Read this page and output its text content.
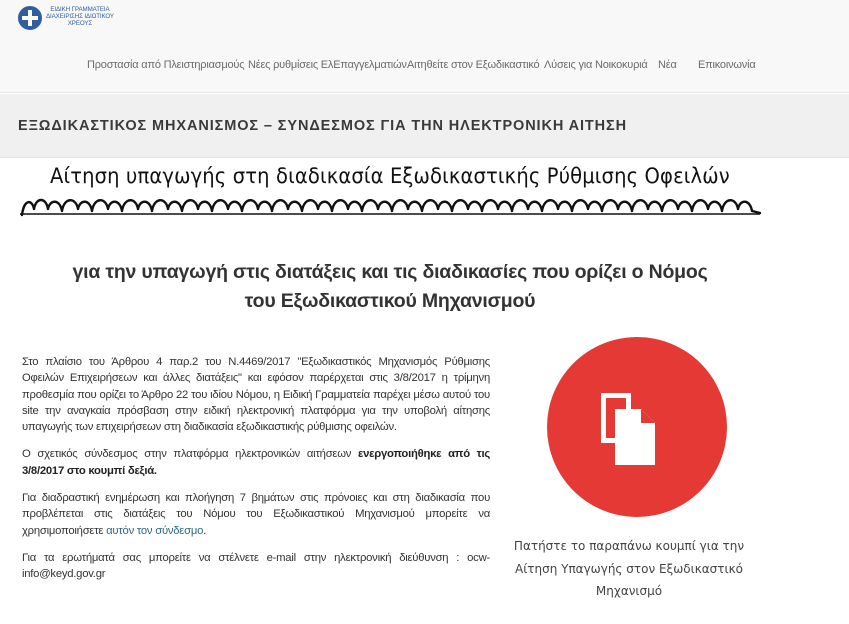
ΕΙΔΙΚΗ ΓΡΑΜΜΑΤΕΙΑ
ΔΙΑΧΕΙΡΙΣΗΣ ΙΔΙΩΤΙΚΟΥ
ΧΡΕΟΥΣ
Προστασία από Πλειστηριασμούς Νέες ρυθμίσεις ΕλΕπαγγελματιών Αιτηθείτε στον Εξωδικαστικό Λύσεις για Νοικοκυριά Νέα Επικοινωνία
ΕΞΩΔΙΚΑΣΤΙΚΟΣ ΜΗΧΑΝΙΣΜΟΣ – ΣΥΝΔΕΣΜΟΣ ΓΙΑ ΤΗΝ ΗΛΕΚΤΡΟΝΙΚΗ ΑΙΤΗΣΗ
Αίτηση υπαγωγής στη διαδικασία Εξωδικαστικής Ρύθμισης Οφειλών
για την υπαγωγή στις διατάξεις και τις διαδικασίες που ορίζει ο Νόμος
του Εξωδικαστικού Μηχανισμού

Στο πλαίσιο του Άρθρου 4 παρ.2 του Ν.4469/2017 "Εξωδικαστικός Μηχανισμός Ρύθμισης Οφειλών Επιχειρήσεων και άλλες διατάξεις" και εφόσον παρέρχεται στις 3/8/2017 η τρίμηνη προθεσμία που ορίζει το Άρθρο 22 του ιδίου Νόμου, η Ειδική Γραμματεία παρέχει μέσω αυτού του site την αναγκαία πρόσβαση στην ειδική ηλεκτρονική πλατφόρμα για την υποβολή αίτησης υπαγωγής των επιχειρήσεων στη διαδικασία εξωδικαστικής ρύθμισης οφειλών.

Ο σχετικός σύνδεσμος στην πλατφόρμα ηλεκτρονικών αιτήσεων ενεργοποιήθηκε από τις 3/8/2017 στο κουμπί δεξιά.

Για διαδραστική ενημέρωση και πλοήγηση 7 βημάτων στις πρόνοιες και στη διαδικασία που προβλέπεται στις διατάξεις του Νόμου του Εξωδικαστικού Μηχανισμού μπορείτε να χρησιμοποιήσετε αυτόν τον σύνδεσμο.

Για τα ερωτήματά σας μπορείτε να στέλνετε e-mail στην ηλεκτρονική διεύθυνση : ocw-info@keyd.gov.gr

Πατήστε το παραπάνω κουμπί για την
Αίτηση Υπαγωγής στον Εξωδικαστικό
Μηχανισμό
